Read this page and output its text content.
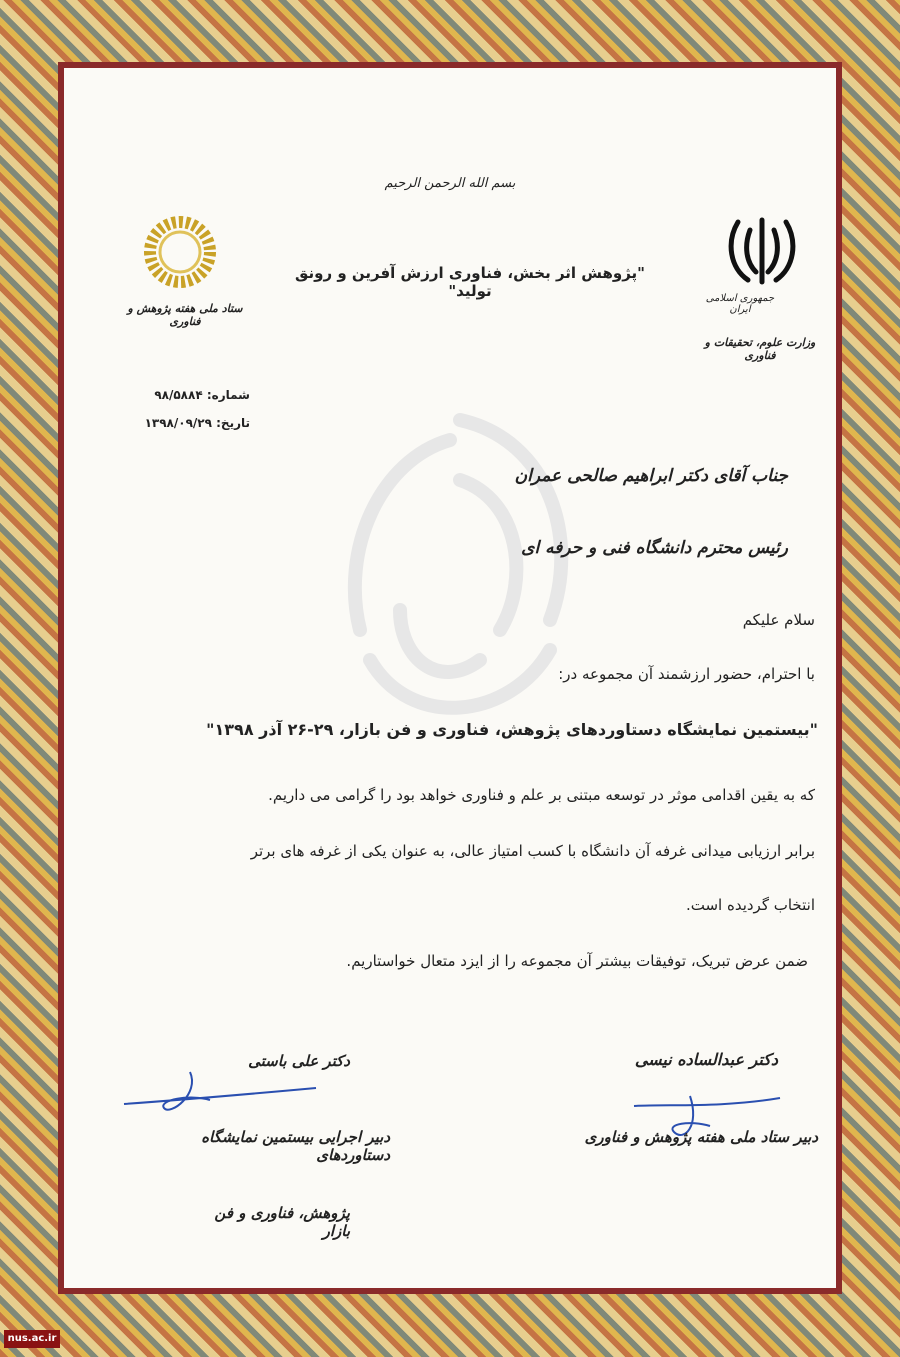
بسم الله الرحمن الرحیم
"پژوهش اثر بخش، فناوری ارزش آفرین و رونق تولید"
ستاد ملی هفته پژوهش و فناوری
جمهوری اسلامی ایران
وزارت علوم، تحقیقات و فناوری
شماره: ۹۸/۵۸۸۴
تاریخ: ۱۳۹۸/۰۹/۲۹
جناب آقای دکتر ابراهیم صالحی عمران
رئیس محترم دانشگاه فنی و حرفه ای
سلام علیکم
با احترام، حضور ارزشمند آن مجموعه در:
"بیستمین نمایشگاه دستاوردهای پژوهش، فناوری و فن بازار، ۲۹-۲۶ آذر ۱۳۹۸"
که به یقین اقدامی موثر در توسعه مبتنی بر علم و فناوری خواهد بود را گرامی می داریم.
برابر ارزیابی میدانی غرفه آن دانشگاه با کسب امتیاز عالی، به عنوان یکی از غرفه های برتر
انتخاب گردیده است.
ضمن عرض تبریک، توفیقات بیشتر آن مجموعه را از ایزد متعال خواستاریم.
دکتر عبدالساده نیسی
دبیر ستاد ملی هفته پژوهش و فناوری
دکتر علی باستی
دبیر اجرایی بیستمین نمایشگاه دستاوردهای
پژوهش، فناوری و فن بازار
nus.ac.ir
